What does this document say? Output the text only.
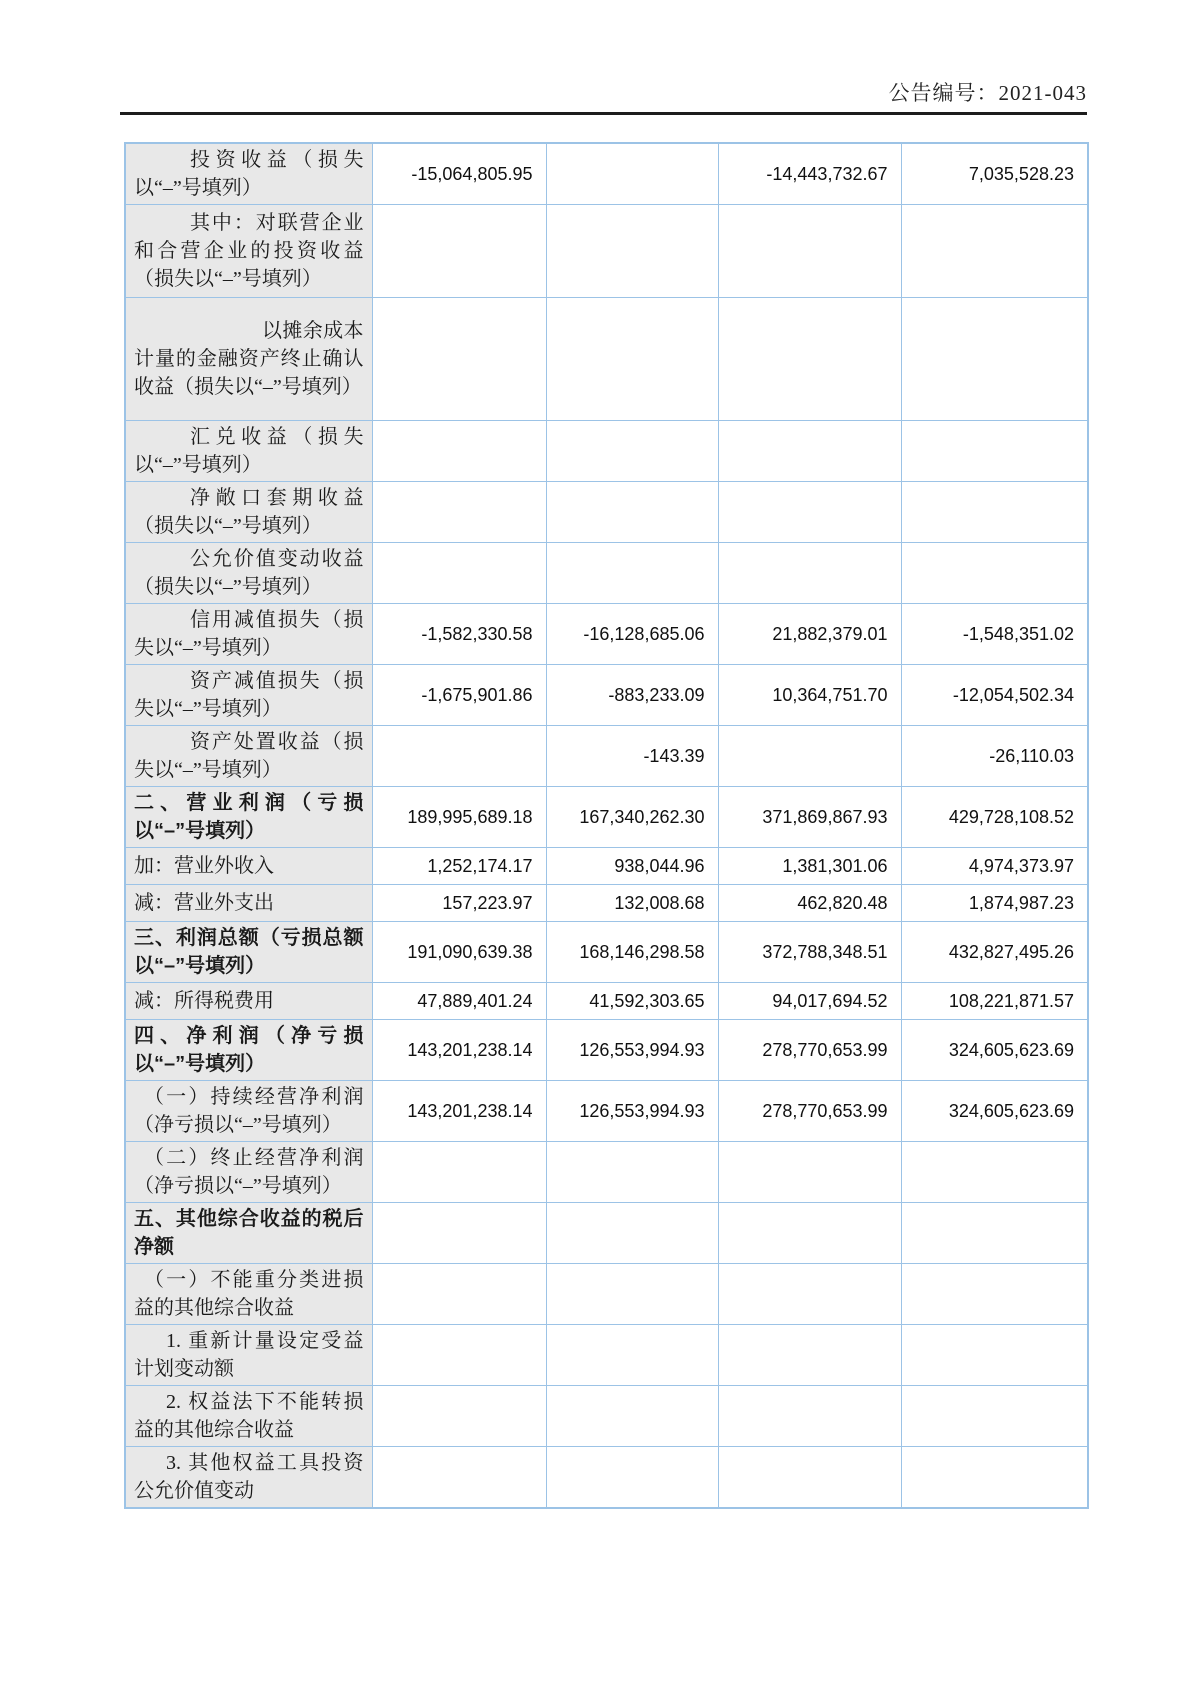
公告编号：2021-043
投资收益（损失以“–”号填列）	-15,064,805.95		-14,443,732.67	7,035,528.23
其中：对联营企业和合营企业的投资收益（损失以“–”号填列）				
以摊余成本计量的金融资产终止确认收益（损失以“–”号填列）				
汇兑收益（损失以“–”号填列）				
净敞口套期收益（损失以“–”号填列）				
公允价值变动收益（损失以“–”号填列）				
信用减值损失（损失以“–”号填列）	-1,582,330.58	-16,128,685.06	21,882,379.01	-1,548,351.02
资产减值损失（损失以“–”号填列）	-1,675,901.86	-883,233.09	10,364,751.70	-12,054,502.34
资产处置收益（损失以“–”号填列）		-143.39		-26,110.03
二、营业利润（亏损以“–”号填列）	189,995,689.18	167,340,262.30	371,869,867.93	429,728,108.52
加：营业外收入	1,252,174.17	938,044.96	1,381,301.06	4,974,373.97
减：营业外支出	157,223.97	132,008.68	462,820.48	1,874,987.23
三、利润总额（亏损总额以“–”号填列）	191,090,639.38	168,146,298.58	372,788,348.51	432,827,495.26
减：所得税费用	47,889,401.24	41,592,303.65	94,017,694.52	108,221,871.57
四、净利润（净亏损以“–”号填列）	143,201,238.14	126,553,994.93	278,770,653.99	324,605,623.69
（一）持续经营净利润（净亏损以“–”号填列）	143,201,238.14	126,553,994.93	278,770,653.99	324,605,623.69
（二）终止经营净利润（净亏损以“–”号填列）				
五、其他综合收益的税后净额				
（一）不能重分类进损益的其他综合收益				
1. 重新计量设定受益计划变动额				
2. 权益法下不能转损益的其他综合收益				
3. 其他权益工具投资公允价值变动				
